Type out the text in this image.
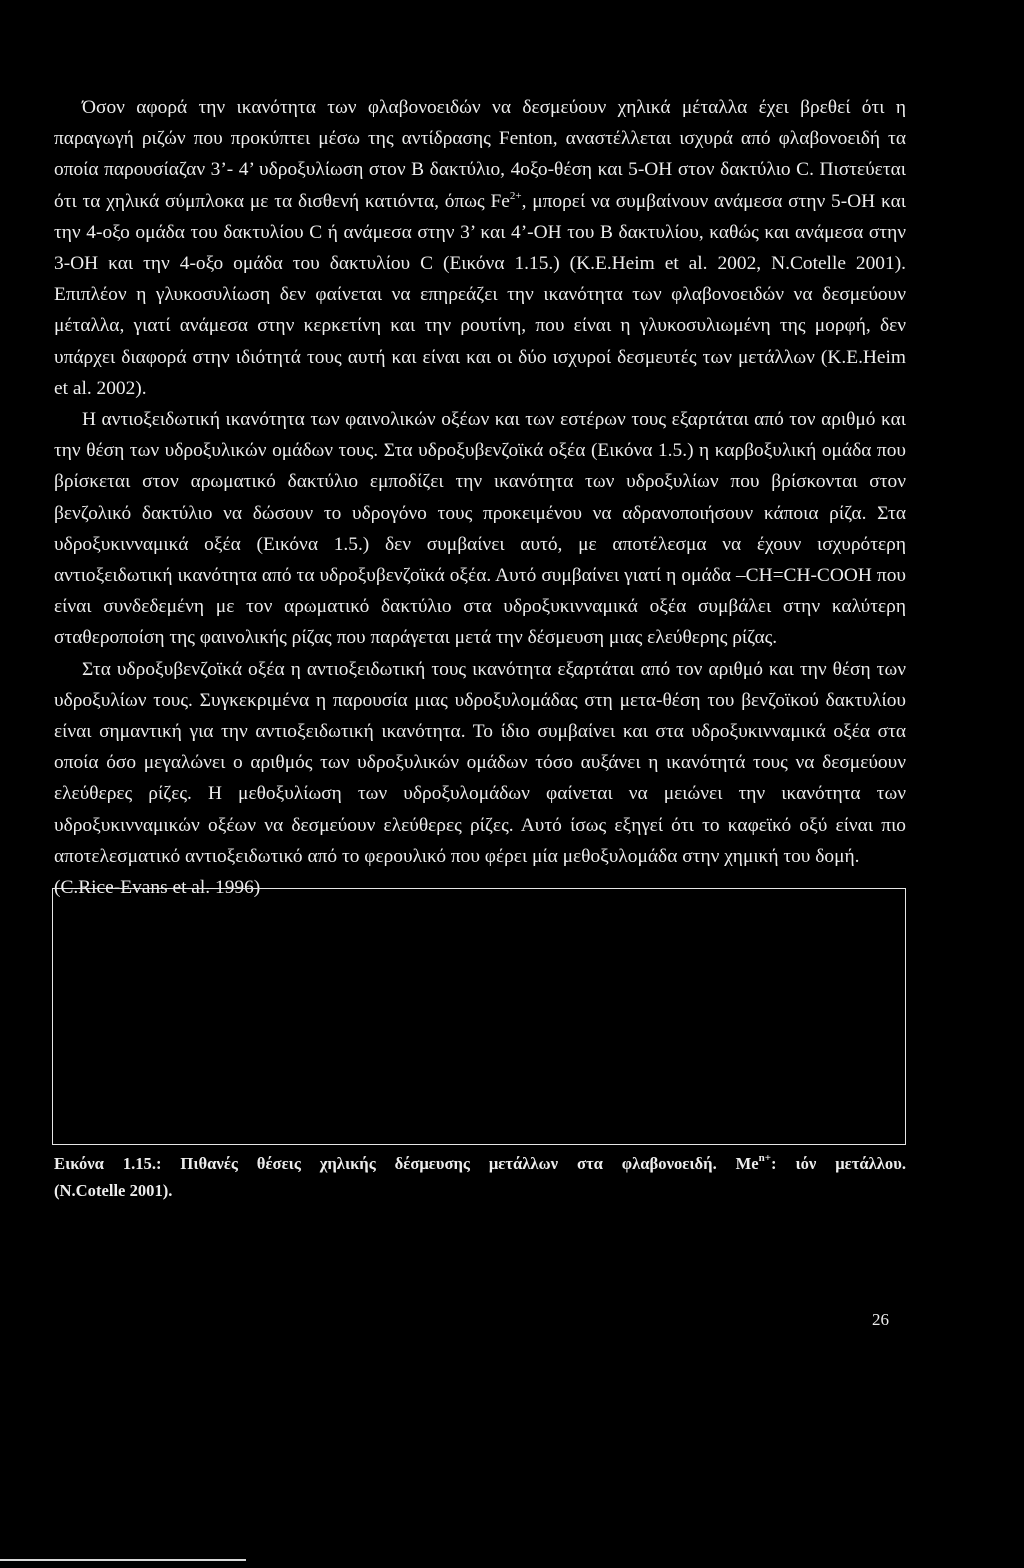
Όσον αφορά την ικανότητα των φλαβονοειδών να δεσμεύουν χηλικά μέταλλα έχει βρεθεί ότι η παραγωγή ριζών που προκύπτει μέσω της αντίδρασης Fenton, αναστέλλεται ισχυρά από φλαβονοειδή τα οποία παρουσίαζαν 3’- 4’ υδροξυλίωση στον Β δακτύλιο, 4οξο-θέση και 5-ΟΗ στον δακτύλιο C. Πιστεύεται ότι τα χηλικά σύμπλοκα με τα δισθενή κατιόντα, όπως $Fe^{2+}$, μπορεί να συμβαίνουν ανάμεσα στην 5-ΟΗ και την 4-οξο ομάδα του δακτυλίου C ή ανάμεσα στην 3’ και 4’-ΟΗ του Β δακτυλίου, καθώς και ανάμεσα στην 3-ΟΗ και την 4-οξο ομάδα του δακτυλίου C (Εικόνα 1.15.) (Κ.Ε.Heim et al. 2002, N.Cotelle 2001). Επιπλέον η γλυκοσυλίωση δεν φαίνεται να επηρεάζει την ικανότητα των φλαβονοειδών να δεσμεύουν μέταλλα, γιατί ανάμεσα στην κερκετίνη και την ρουτίνη, που είναι η γλυκοσυλιωμένη της μορφή, δεν υπάρχει διαφορά στην ιδιότητά τους αυτή και είναι και οι δύο ισχυροί δεσμευτές των μετάλλων (Κ.Ε.Heim et al. 2002).

Η αντιοξειδωτική ικανότητα των φαινολικών οξέων και των εστέρων τους εξαρτάται από τον αριθμό και την θέση των υδροξυλικών ομάδων τους. Στα υδροξυβενζοϊκά οξέα (Εικόνα 1.5.) η καρβοξυλική ομάδα που βρίσκεται στον αρωματικό δακτύλιο εμποδίζει την ικανότητα των υδροξυλίων που βρίσκονται στον βενζολικό δακτύλιο να δώσουν το υδρογόνο τους προκειμένου να αδρανοποιήσουν κάποια ρίζα. Στα υδροξυκινναμικά οξέα (Εικόνα 1.5.) δεν συμβαίνει αυτό, με αποτέλεσμα να έχουν ισχυρότερη αντιοξειδωτική ικανότητα από τα υδροξυβενζοϊκά οξέα. Αυτό συμβαίνει γιατί η ομάδα –CH=CH-COOH που είναι συνδεδεμένη με τον αρωματικό δακτύλιο στα υδροξυκινναμικά οξέα συμβάλει στην καλύτερη σταθεροποίση της φαινολικής ρίζας που παράγεται μετά την δέσμευση μιας ελεύθερης ρίζας.

Στα υδροξυβενζοϊκά οξέα η αντιοξειδωτική τους ικανότητα εξαρτάται από τον αριθμό και την θέση των υδροξυλίων τους. Συγκεκριμένα η παρουσία μιας υδροξυλομάδας στη μετα-θέση του βενζοϊκού δακτυλίου είναι σημαντική για την αντιοξειδωτική ικανότητα. Το ίδιο συμβαίνει και στα υδροξυκινναμικά οξέα στα οποία όσο μεγαλώνει ο αριθμός των υδροξυλικών ομάδων τόσο αυξάνει η ικανότητά τους να δεσμεύουν ελεύθερες ρίζες. Η μεθοξυλίωση των υδροξυλομάδων φαίνεται να μειώνει την ικανότητα των υδροξυκινναμικών οξέων να δεσμεύουν ελεύθερες ρίζες. Αυτό ίσως εξηγεί ότι το καφεϊκό οξύ είναι πιο αποτελεσματικό αντιοξειδωτικό από το φερουλικό που φέρει μία μεθοξυλομάδα στην χημική του δομή.

(C.Rice-Evans et al. 1996)

Εικόνα 1.15.: Πιθανές θέσεις χηλικής δέσμευσης μετάλλων στα φλαβονοειδή. $Me^{n+}$: ιόν μετάλλου.
(N.Cotelle 2001).
26
